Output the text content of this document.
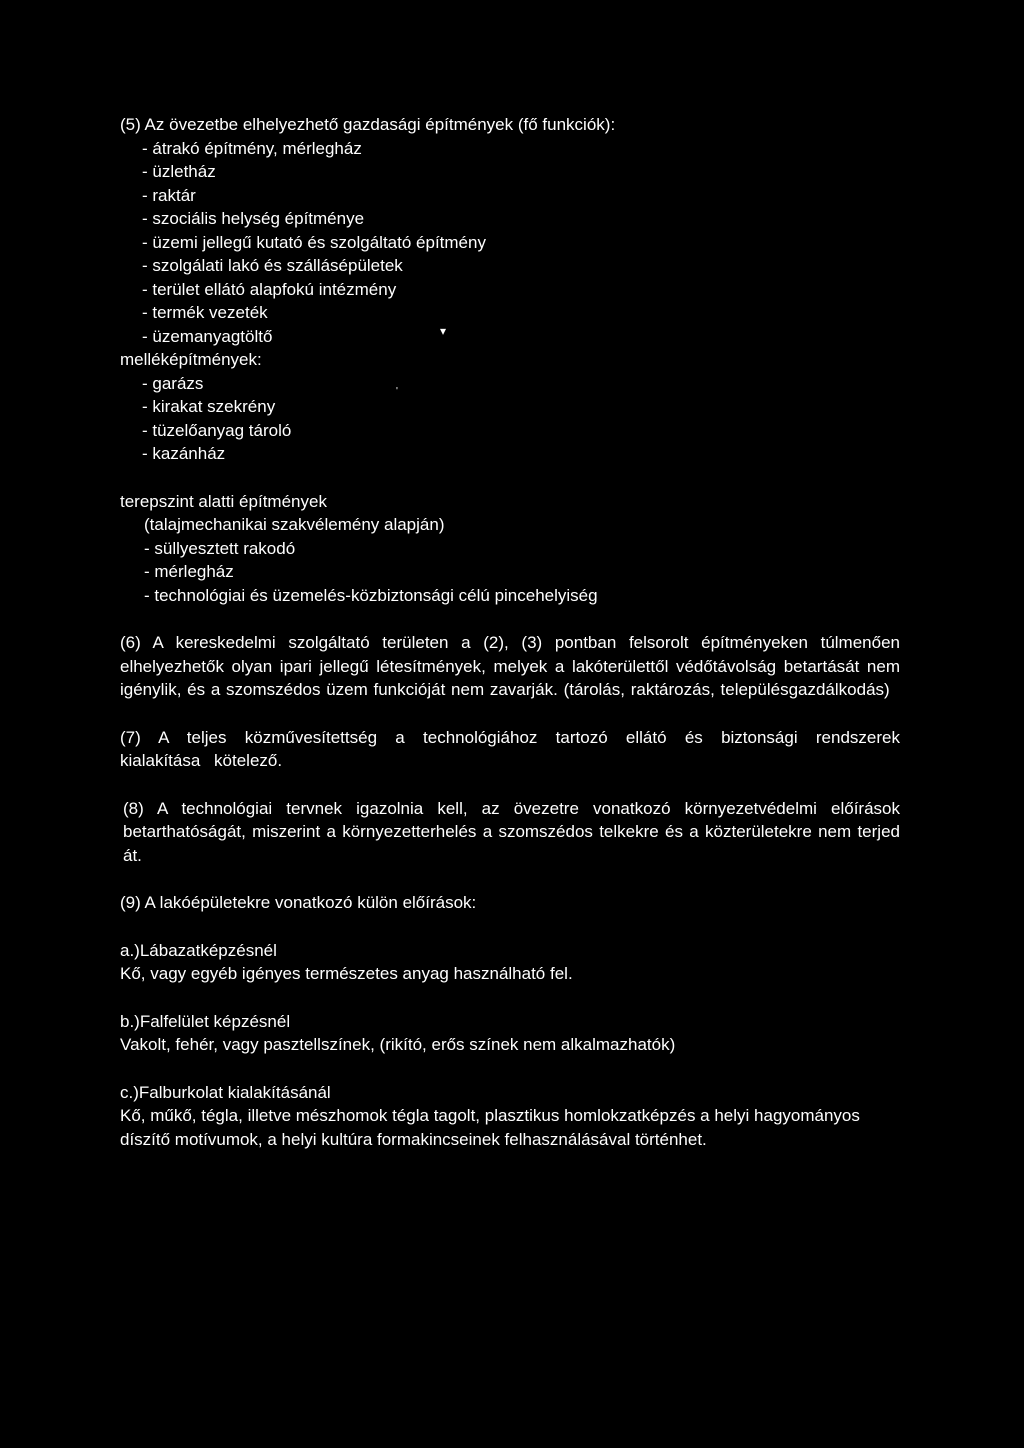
(5) Az övezetbe elhelyezhető gazdasági építmények (fő funkciók):
- átrakó építmény, mérlegház
- üzletház
- raktár
- szociális helység építménye
- üzemi jellegű kutató és szolgáltató építmény
- szolgálati lakó és szállásépületek
- terület ellátó alapfokú intézmény
- termék vezeték
- üzemanyagtöltő
melléképítmények:
- garázs
- kirakat szekrény
- tüzelőanyag tároló
- kazánház
terepszint alatti építmények
(talajmechanikai szakvélemény alapján)
- süllyesztett rakodó
- mérlegház
- technológiai és üzemelés-közbiztonsági célú pincehelyiség

(6) A kereskedelmi szolgáltató területen a (2), (3) pontban felsorolt építményeken túlmenően elhelyezhetők olyan ipari jellegű létesítmények, melyek a lakóterülettől védőtávolság betartását nem igénylik, és a szomszédos üzem funkcióját nem zavarják. (tárolás, raktározás, településgazdálkodás)

(7) A teljes közművesítettség a technológiához tartozó ellátó és biztonsági rendszerek kialakítása kötelező.

(8) A technológiai tervnek igazolnia kell, az övezetre vonatkozó környezetvédelmi előírások betarthatóságát, miszerint a környezetterhelés a szomszédos telkekre és a közterületekre nem terjed át.

(9) A lakóépületekre vonatkozó külön előírások:
a.)Lábazatképzésnél
Kő, vagy egyéb igényes természetes anyag használható fel.
b.)Falfelület képzésnél
Vakolt, fehér, vagy pasztellszínek, (rikító, erős színek nem alkalmazhatók)
c.)Falburkolat kialakításánál

Kő, műkő, tégla, illetve mészhomok tégla tagolt, plasztikus homlokzatképzés a helyi hagyományos díszítő motívumok, a helyi kultúra formakincseinek felhasználásával történhet.

▾
'
